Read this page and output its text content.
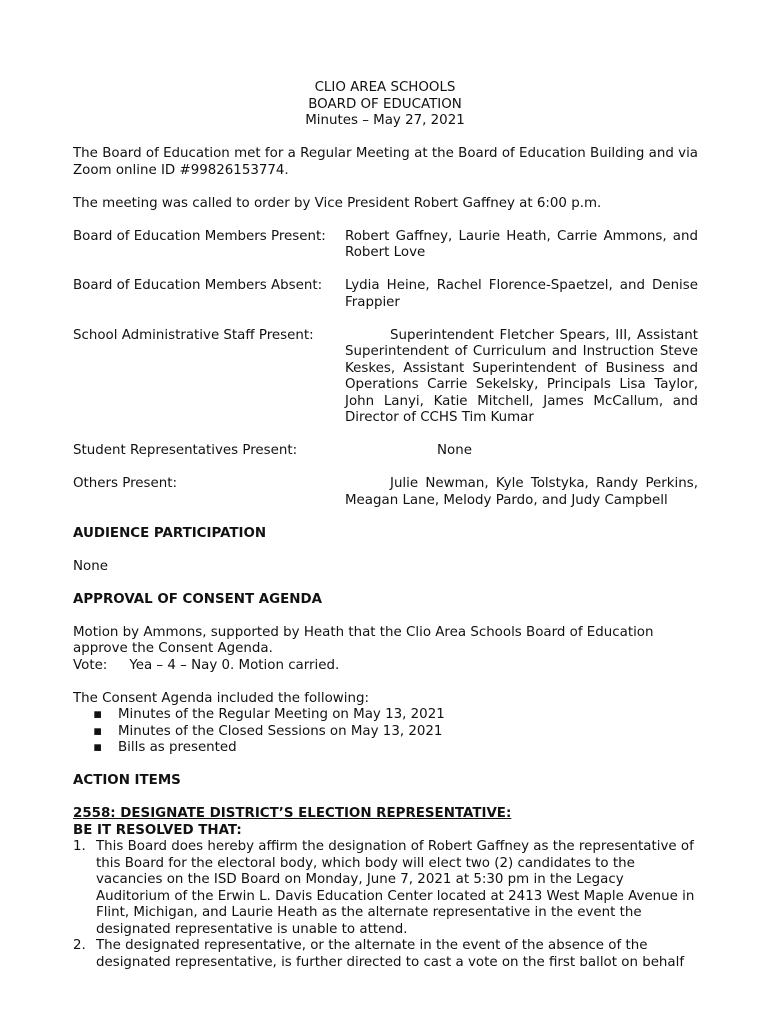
CLIO AREA SCHOOLS
BOARD OF EDUCATION
Minutes – May 27, 2021

The Board of Education met for a Regular Meeting at the Board of Education Building and via Zoom online ID #99826153774.

The meeting was called to order by Vice President Robert Gaffney at 6:00 p.m.

Board of Education Members Present:	Robert Gaffney, Laurie Heath, Carrie Ammons, and Robert Love
Board of Education Members Absent:	Lydia Heine, Rachel Florence-Spaetzel, and Denise Frappier
School Administrative Staff Present:	Superintendent Fletcher Spears, III, Assistant Superintendent of Curriculum and Instruction Steve Keskes, Assistant Superintendent of Business and Operations Carrie Sekelsky, Principals Lisa Taylor, John Lanyi, Katie Mitchell, James McCallum, and Director of CCHS Tim Kumar
Student Representatives Present:	None
Others Present:	Julie Newman, Kyle Tolstyka, Randy Perkins, Meagan Lane, Melody Pardo, and Judy Campbell
AUDIENCE PARTICIPATION

None

APPROVAL OF CONSENT AGENDA
Motion by Ammons, supported by Heath that the Clio Area Schools Board of Education approve the Consent Agenda.

Vote: Yea – 4 – Nay 0. Motion carried.

The Consent Agenda included the following:
▪ Minutes of the Regular Meeting on May 13, 2021
▪ Minutes of the Closed Sessions on May 13, 2021
▪ Bills as presented
ACTION ITEMS
2558: DESIGNATE DISTRICT’S ELECTION REPRESENTATIVE:
BE IT RESOLVED THAT:
1. This Board does hereby affirm the designation of Robert Gaffney as the representative of this Board for the electoral body, which body will elect two (2) candidates to the vacancies on the ISD Board on Monday, June 7, 2021 at 5:30 pm in the Legacy Auditorium of the Erwin L. Davis Education Center located at 2413 West Maple Avenue in Flint, Michigan, and Laurie Heath as the alternate representative in the event the designated representative is unable to attend.
2. The designated representative, or the alternate in the event of the absence of the designated representative, is further directed to cast a vote on the first ballot on behalf
